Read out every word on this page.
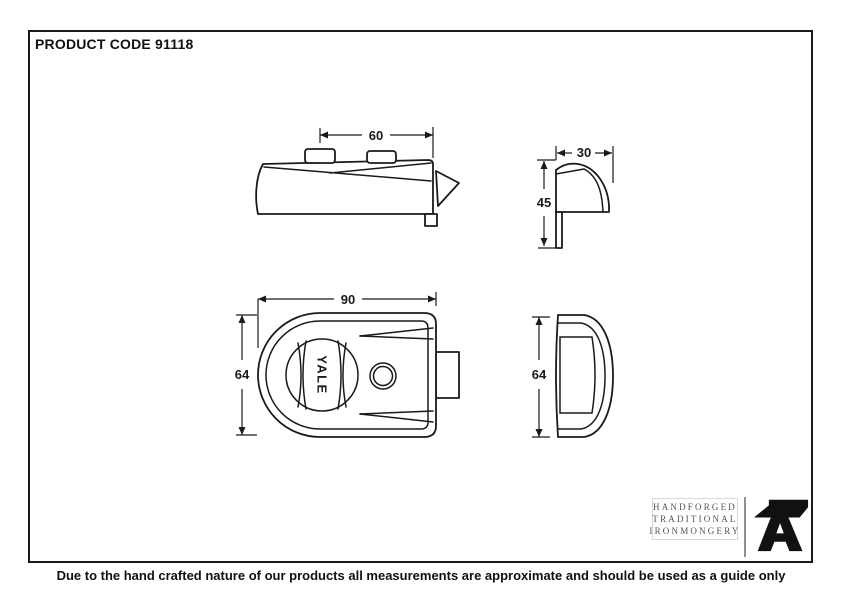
PRODUCT CODE 91118
60
30
45
YALE
90
64	64
HANDFORGED
TRADITIONAL
IRONMONGERY
Due to the hand crafted nature of our products all measurements are approximate and should be used as a guide only
